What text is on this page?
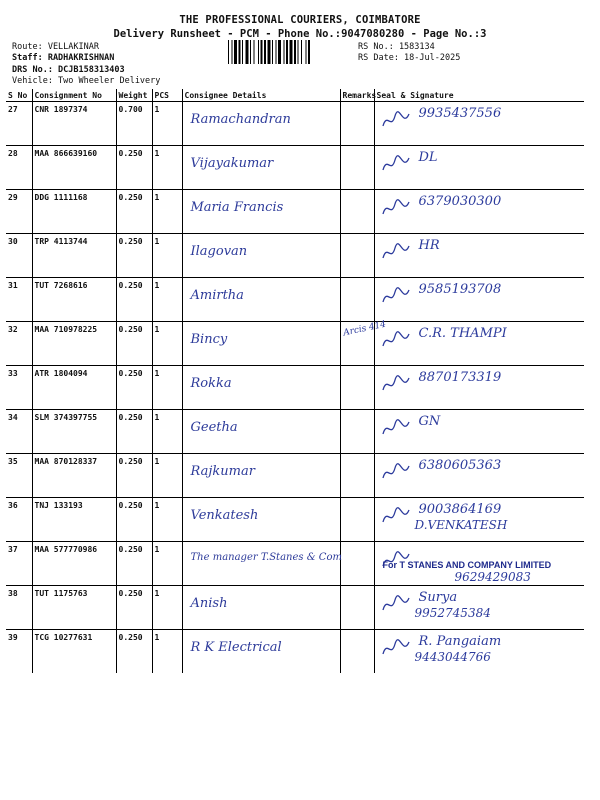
THE PROFESSIONAL COURIERS, COIMBATORE
Delivery Runsheet - PCM - Phone No.:9047080280 - Page No.:3
Route: VELLAKINAR
Staff: RADHAKRISHNAN
DRS No.: DCJB158313403
Vehicle: Two Wheeler Delivery
RS No.: 1583134
RS Date: 18-Jul-2025
S No	Consignment No	Weight	PCS	Consignee Details	Remarks	Seal & Signature
27	CNR 1897374	0.700	1	Ramachandran		9935437556

28	MAA 866639160	0.250	1	Vijayakumar		DL

29	DDG 1111168	0.250	1	Maria Francis		6379030300

30	TRP 4113744	0.250	1	Ilagovan		HR

31	TUT 7268616	0.250	1	Amirtha		9585193708

32	MAA 710978225	0.250	1	Bincy	Arcis 414	C.R. THAMPI

33	ATR 1804094	0.250	1	Rokka		8870173319

34	SLM 374397755	0.250	1	Geetha		GN

35	MAA 870128337	0.250	1	Rajkumar		6380605363

36	TNJ 133193	0.250	1	Venkatesh		9003864169
D.VENKATESH

37	MAA 577770986	0.250	1	The manager T.Stanes & Com		For T STANES AND COMPANY LIMITED
9629429083

38	TUT 1175763	0.250	1	Anish		Surya
9952745384

39	TCG 10277631	0.250	1	R K Electrical		R. Pangaiam
9443044766
